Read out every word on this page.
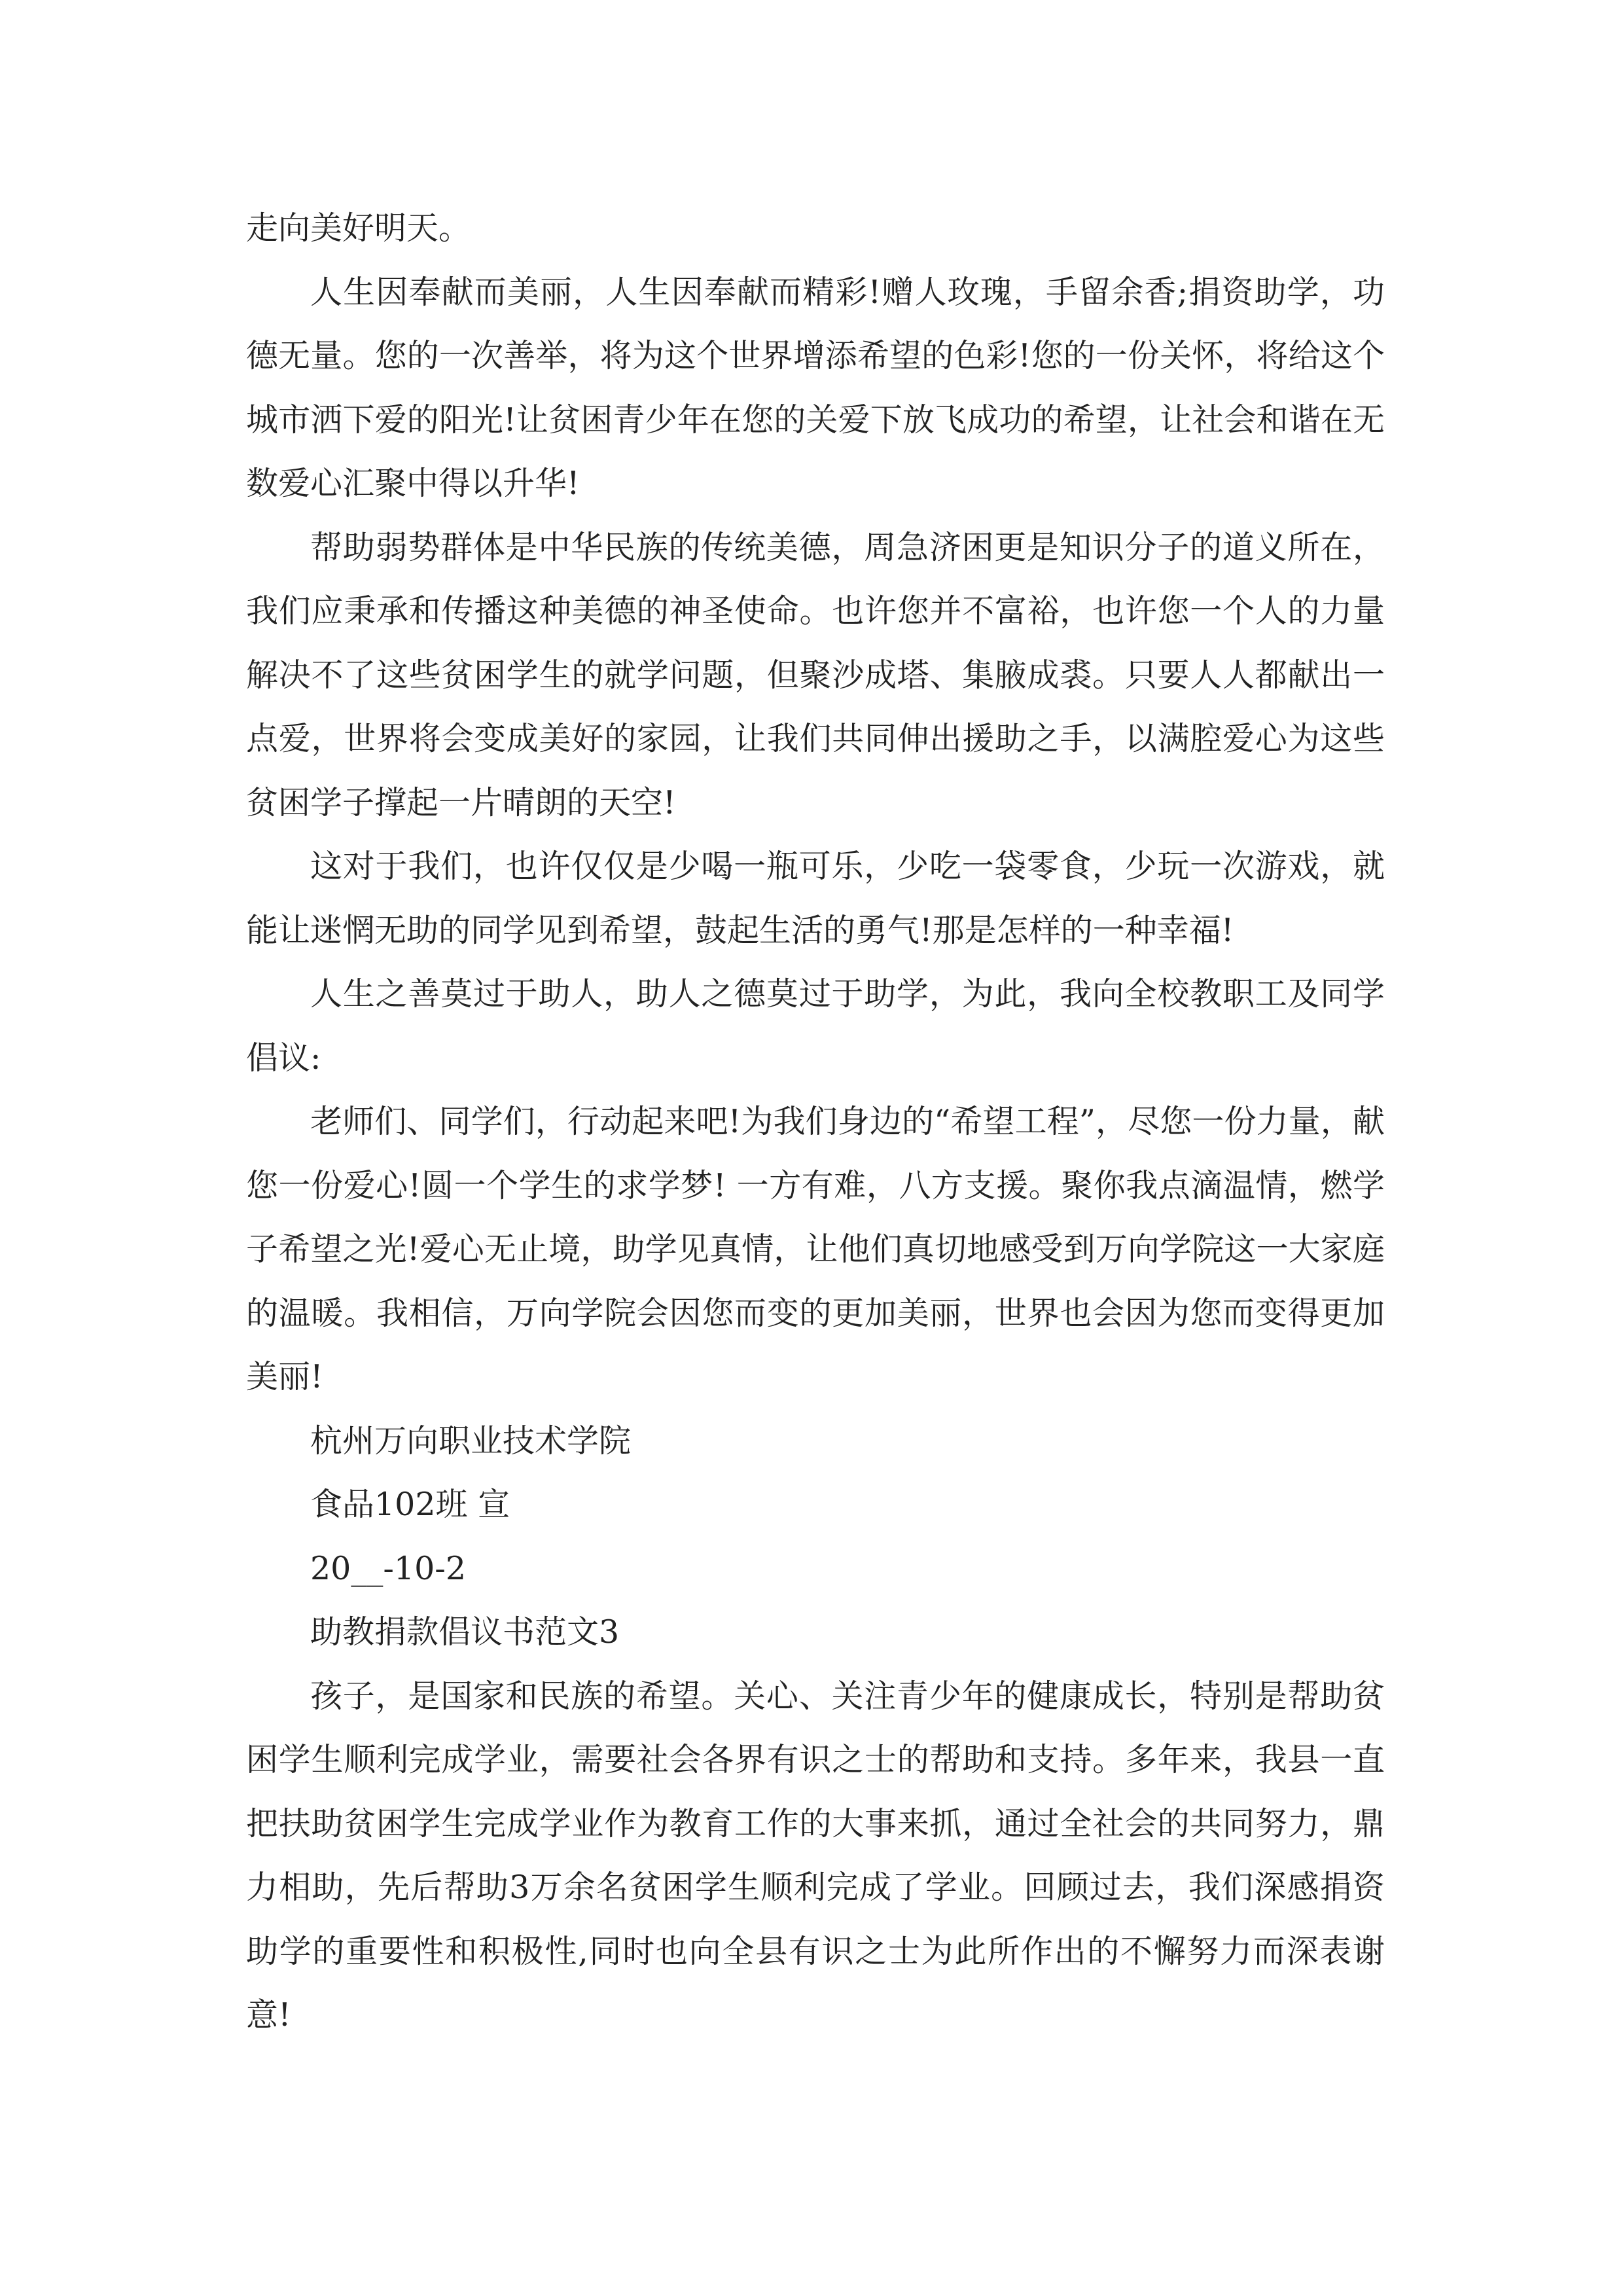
走向美好明天。

人生因奉献而美丽，人生因奉献而精彩!赠人玫瑰，手留余香;捐资助学，功德无量。您的一次善举，将为这个世界增添希望的色彩!您的一份关怀，将给这个城市洒下爱的阳光!让贫困青少年在您的关爱下放飞成功的希望，让社会和谐在无数爱心汇聚中得以升华!

帮助弱势群体是中华民族的传统美德，周急济困更是知识分子的道义所在，我们应秉承和传播这种美德的神圣使命。也许您并不富裕，也许您一个人的力量解决不了这些贫困学生的就学问题，但聚沙成塔、集腋成裘。只要人人都献出一点爱，世界将会变成美好的家园，让我们共同伸出援助之手，以满腔爱心为这些贫困学子撑起一片晴朗的天空!

这对于我们，也许仅仅是少喝一瓶可乐，少吃一袋零食，少玩一次游戏，就能让迷惘无助的同学见到希望，鼓起生活的勇气!那是怎样的一种幸福!

人生之善莫过于助人，助人之德莫过于助学，为此，我向全校教职工及同学倡议:

老师们、同学们，行动起来吧!为我们身边的“希望工程”，尽您一份力量，献您一份爱心!圆一个学生的求学梦! 一方有难，八方支援。聚你我点滴温情，燃学子希望之光!爱心无止境，助学见真情，让他们真切地感受到万向学院这一大家庭的温暖。我相信，万向学院会因您而变的更加美丽，世界也会因为您而变得更加美丽!

杭州万向职业技术学院

食品102班 宣

20__-10-2

助教捐款倡议书范文3

孩子，是国家和民族的希望。关心、关注青少年的健康成长，特别是帮助贫困学生顺利完成学业，需要社会各界有识之士的帮助和支持。多年来，我县一直把扶助贫困学生完成学业作为教育工作的大事来抓，通过全社会的共同努力，鼎力相助，先后帮助3万余名贫困学生顺利完成了学业。回顾过去，我们深感捐资助学的重要性和积极性,同时也向全县有识之士为此所作出的不懈努力而深表谢意!
